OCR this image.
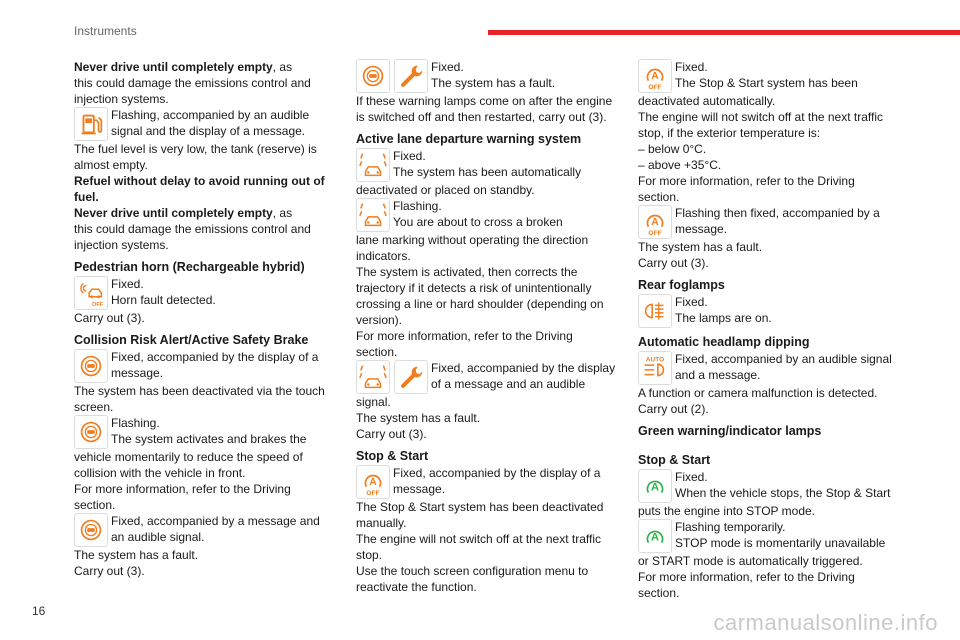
Instruments

Never drive until completely empty, as

this could damage the emissions control and

injection systems.

Flashing, accompanied by an audible
signal and the display of a message.

The fuel level is very low, the tank (reserve) is

almost empty.

Refuel without delay to avoid running out of

fuel.

Never drive until completely empty, as

this could damage the emissions control and

injection systems.

Pedestrian horn (Rechargeable hybrid)
OFF
Fixed.
Horn fault detected.

Carry out (3).

Collision Risk Alert/Active Safety Brake
Fixed, accompanied by the display of a
message.

The system has been deactivated via the touch

screen.

Flashing.
The system activates and brakes the

vehicle momentarily to reduce the speed of

collision with the vehicle in front.

For more information, refer to the Driving

section.

Fixed, accompanied by a message and
an audible signal.

The system has a fault.

Carry out (3).

Fixed.
The system has a fault.

If these warning lamps come on after the engine

is switched off and then restarted, carry out (3).

Active lane departure warning system
Fixed.
The system has been automatically

deactivated or placed on standby.

Flashing.
You are about to cross a broken

lane marking without operating the direction

indicators.

The system is activated, then corrects the

trajectory if it detects a risk of unintentionally

crossing a line or hard shoulder (depending on

version).

For more information, refer to the Driving

section.

Fixed, accompanied by the display
of a message and an audible

signal.

The system has a fault.

Carry out (3).

Stop & Start
A
OFF
Fixed, accompanied by the display of a
message.

The Stop & Start system has been deactivated

manually.

The engine will not switch off at the next traffic

stop.

Use the touch screen configuration menu to

reactivate the function.

A
OFF
Fixed.
The Stop & Start system has been

deactivated automatically.

The engine will not switch off at the next traffic

stop, if the exterior temperature is:

– below 0°C.

– above +35°C.

For more information, refer to the Driving

section.

A
OFF
Flashing then fixed, accompanied by a
message.

The system has a fault.

Carry out (3).

Rear foglamps
Fixed.
The lamps are on.
Automatic headlamp dipping
AUTO Fixed, accompanied by an audible signal
and a message.

A function or camera malfunction is detected.

Carry out (2).

Green warning/indicator lamps
Stop & Start
A
Fixed.
When the vehicle stops, the Stop & Start

puts the engine into STOP mode.

A
Flashing temporarily.
STOP mode is momentarily unavailable

or START mode is automatically triggered.

For more information, refer to the Driving

section.

16	carmanualsonline.info
